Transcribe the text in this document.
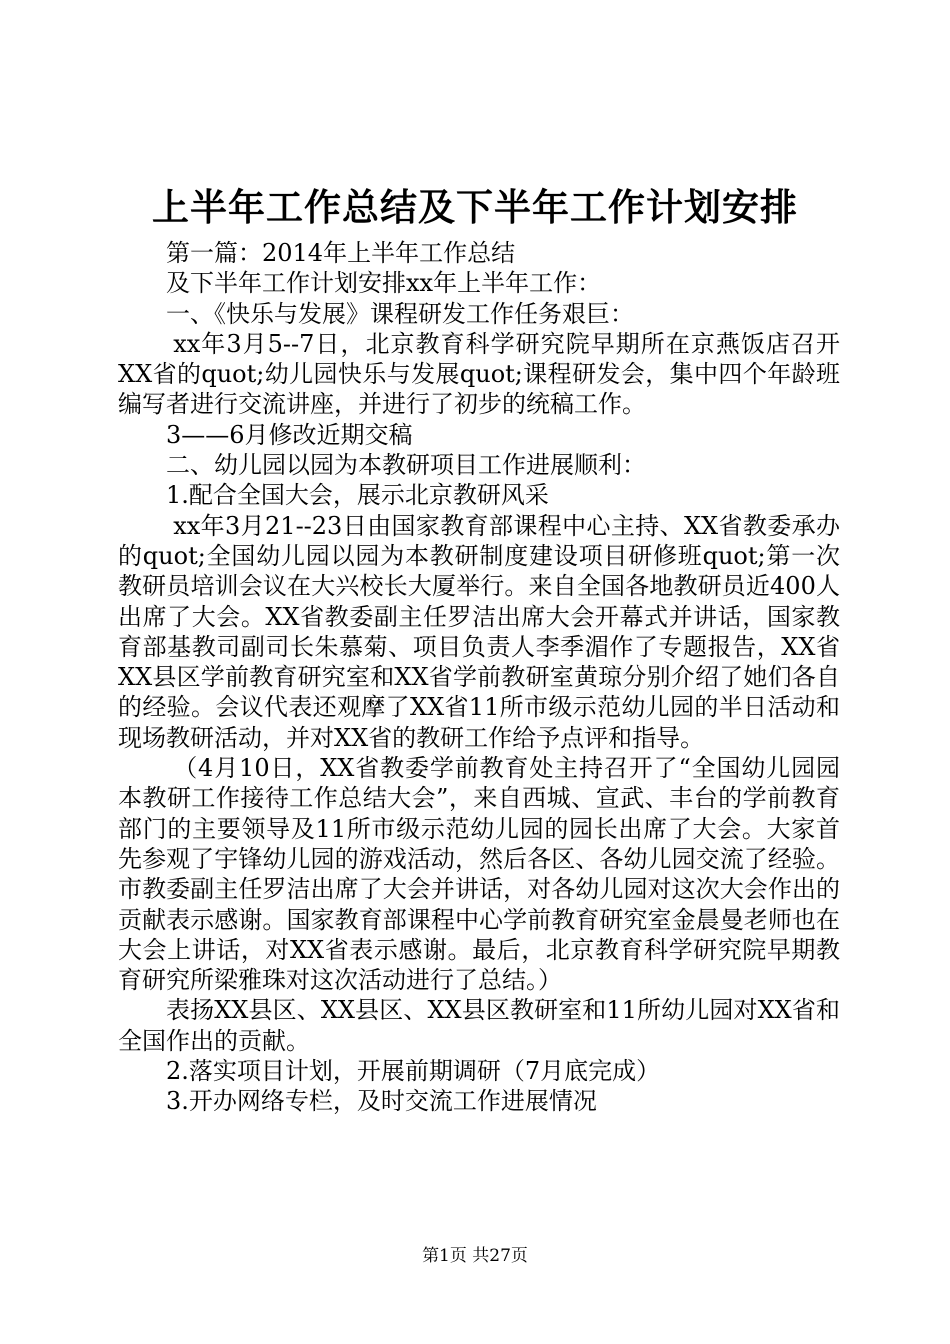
上半年工作总结及下半年工作计划安排

第一篇：2014年上半年工作总结

及下半年工作计划安排xx年上半年工作：

一、《快乐与发展》课程研发工作任务艰巨：

xx年3月5--7日，北京教育科学研究院早期所在京燕饭店召开XX省的quot;幼儿园快乐与发展quot;课程研发会，集中四个年龄班编写者进行交流讲座，并进行了初步的统稿工作。

3——6月修改近期交稿

二、幼儿园以园为本教研项目工作进展顺利：

1.配合全国大会，展示北京教研风采

xx年3月21--23日由国家教育部课程中心主持、XX省教委承办的quot;全国幼儿园以园为本教研制度建设项目研修班quot;第一次教研员培训会议在大兴校长大厦举行。来自全国各地教研员近400人出席了大会。XX省教委副主任罗洁出席大会开幕式并讲话，国家教育部基教司副司长朱慕菊、项目负责人李季湄作了专题报告，XX省XX县区学前教育研究室和XX省学前教研室黄琼分别介绍了她们各自的经验。会议代表还观摩了XX省11所市级示范幼儿园的半日活动和现场教研活动，并对XX省的教研工作给予点评和指导。

（4月10日，XX省教委学前教育处主持召开了“全国幼儿园园本教研工作接待工作总结大会”，来自西城、宣武、丰台的学前教育部门的主要领导及11所市级示范幼儿园的园长出席了大会。大家首先参观了宇锋幼儿园的游戏活动，然后各区、各幼儿园交流了经验。市教委副主任罗洁出席了大会并讲话，对各幼儿园对这次大会作出的贡献表示感谢。国家教育部课程中心学前教育研究室金晨曼老师也在大会上讲话，对XX省表示感谢。最后，北京教育科学研究院早期教育研究所梁雅珠对这次活动进行了总结。）

表扬XX县区、XX县区、XX县区教研室和11所幼儿园对XX省和全国作出的贡献。

2.落实项目计划，开展前期调研（7月底完成）

3.开办网络专栏，及时交流工作进展情况

第1页 共27页
